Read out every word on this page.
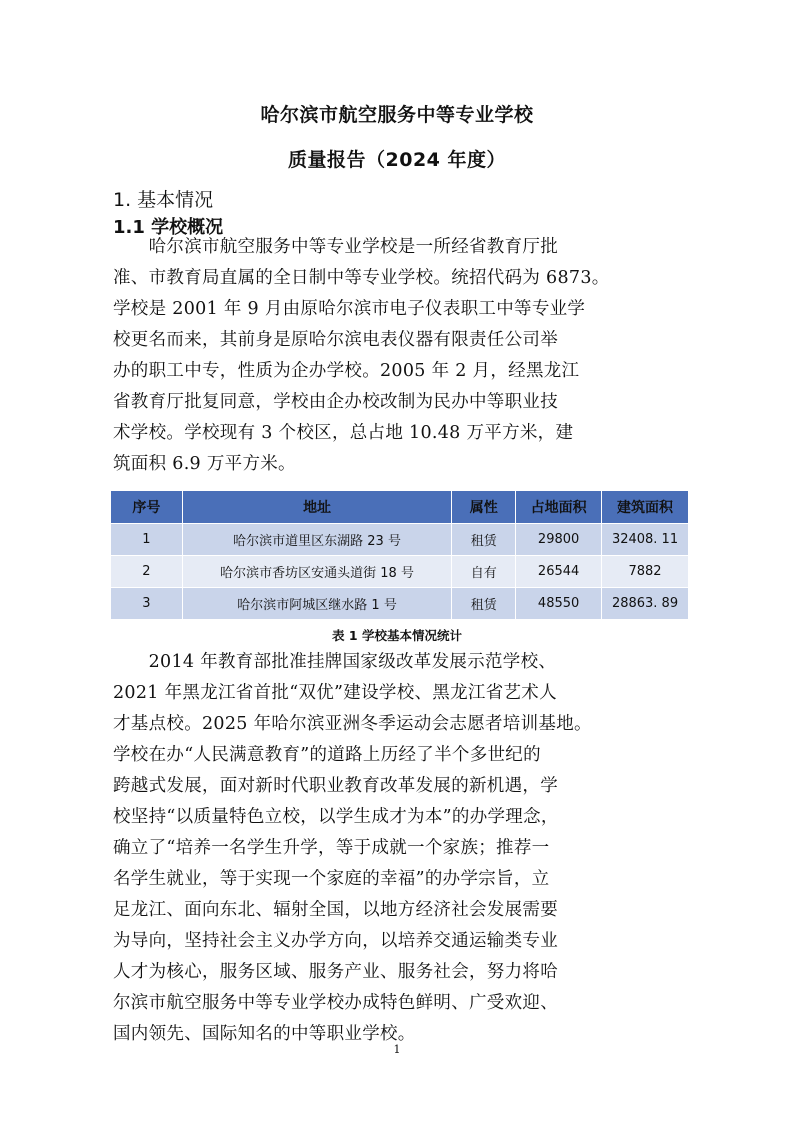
哈尔滨市航空服务中等专业学校
质量报告（2024 年度）
1. 基本情况
1.1 学校概况
　　哈尔滨市航空服务中等专业学校是一所经省教育厅批
准、市教育局直属的全日制中等专业学校。统招代码为 6873。
学校是 2001 年 9 月由原哈尔滨市电子仪表职工中等专业学
校更名而来，其前身是原哈尔滨电表仪器有限责任公司举
办的职工中专，性质为企办学校。2005 年 2 月，经黑龙江
省教育厅批复同意，学校由企办校改制为民办中等职业技
术学校。学校现有 3 个校区，总占地 10.48 万平方米，建
筑面积 6.9 万平方米。
序号	地址	属性	占地面积	建筑面积
1	哈尔滨市道里区东湖路 23 号	租赁	29800	32408. 11
2	哈尔滨市香坊区安通头道街 18 号	自有	26544	7882
3	哈尔滨市阿城区继水路 1 号	租赁	48550	28863. 89
表 1 学校基本情况统计
　　2014 年教育部批准挂牌国家级改革发展示范学校、
2021 年黑龙江省首批“双优”建设学校、黑龙江省艺术人
才基点校。2025 年哈尔滨亚洲冬季运动会志愿者培训基地。
学校在办“人民满意教育”的道路上历经了半个多世纪的
跨越式发展，面对新时代职业教育改革发展的新机遇，学
校坚持“以质量特色立校，以学生成才为本”的办学理念，
确立了“培养一名学生升学，等于成就一个家族；推荐一
名学生就业，等于实现一个家庭的幸福”的办学宗旨，立
足龙江、面向东北、辐射全国，以地方经济社会发展需要
为导向，坚持社会主义办学方向，以培养交通运输类专业
人才为核心，服务区域、服务产业、服务社会，努力将哈
尔滨市航空服务中等专业学校办成特色鲜明、广受欢迎、
国内领先、国际知名的中等职业学校。
1
